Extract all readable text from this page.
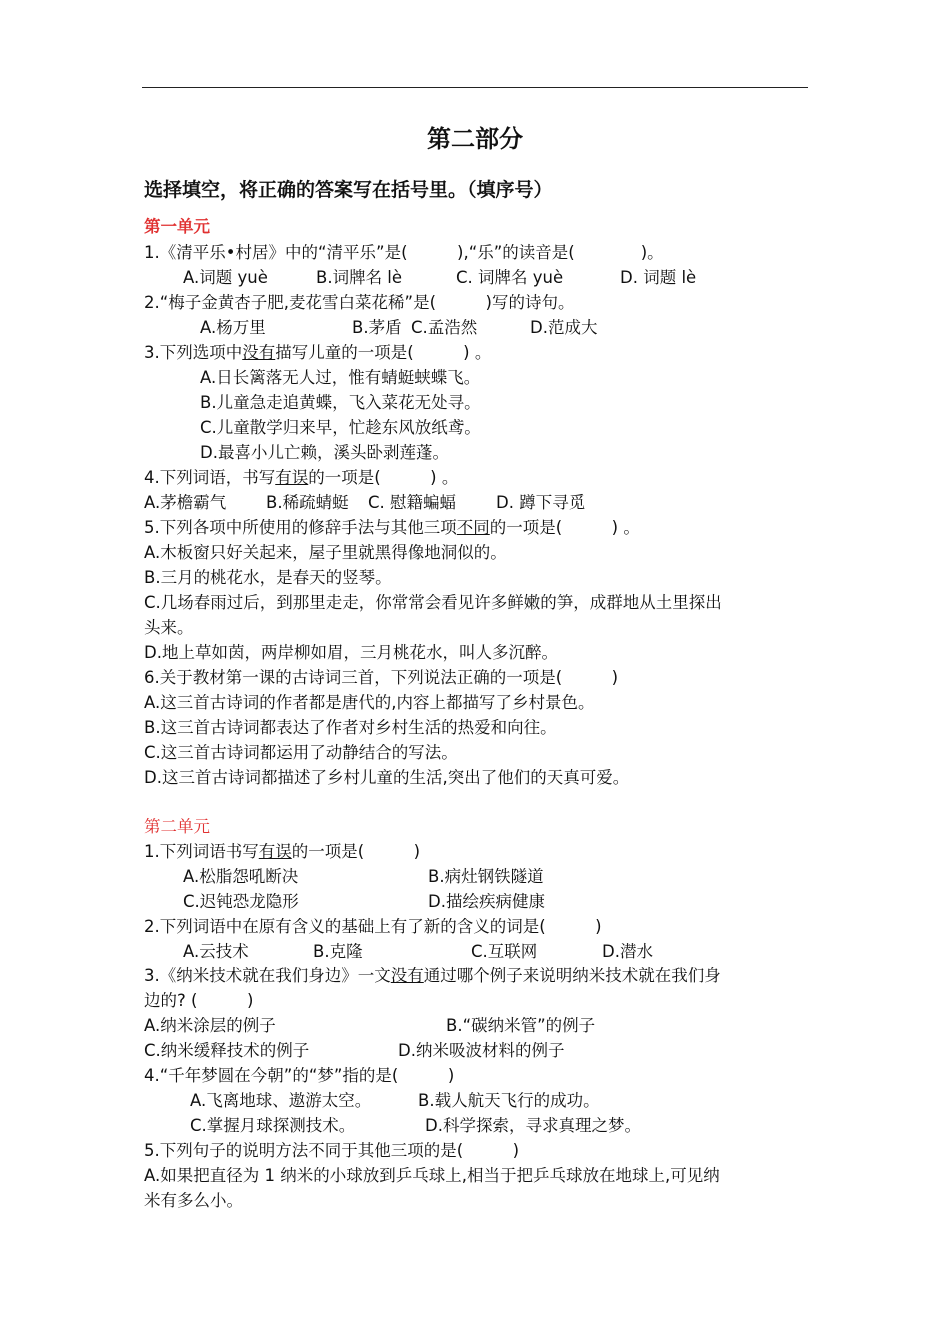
第二部分
选择填空，将正确的答案写在括号里。（填序号）
第一单元
1.《清平乐•村居》中的“清平乐”是(　　　),“乐”的读音是(　　　　)。
A.词题 yuè	B.词牌名 lè	C. 词牌名 yuè	D. 词题 lè
2.“梅子金黄杏子肥,麦花雪白菜花稀”是(　　　)写的诗句。
A.杨万里	B.茅盾 C.孟浩然	D.范成大
3.下列选项中没有描写儿童的一项是(　　　) 。
A.日长篱落无人过，惟有蜻蜓蛱蝶飞。
B.儿童急走追黄蝶，飞入菜花无处寻。
C.儿童散学归来早，忙趁东风放纸鸢。
D.最喜小儿亡赖，溪头卧剥莲蓬。
4.下列词语，书写有误的一项是(　　　) 。
A.茅檐霸气 B.稀疏蜻蜓 C. 慰籍蝙蝠 D. 蹲下寻觅
5.下列各项中所使用的修辞手法与其他三项不同的一项是(　　　) 。
A.木板窗只好关起来，屋子里就黑得像地洞似的。
B.三月的桃花水，是春天的竖琴。
C.几场春雨过后，到那里走走，你常常会看见许多鲜嫩的笋，成群地从土里探出
头来。
D.地上草如茵，两岸柳如眉，三月桃花水，叫人多沉醉。
6.关于教材第一课的古诗词三首，下列说法正确的一项是(　　　)
A.这三首古诗词的作者都是唐代的,内容上都描写了乡村景色。
B.这三首古诗词都表达了作者对乡村生活的热爱和向往。
C.这三首古诗词都运用了动静结合的写法。
D.这三首古诗词都描述了乡村儿童的生活,突出了他们的天真可爱。
第二单元
1.下列词语书写有误的一项是(　　　)
A.松脂怨吼断决	B.病灶钢铁隧道
C.迟钝恐龙隐形	D.描绘疾病健康
2.下列词语中在原有含义的基础上有了新的含义的词是(　　　)
A.云技术	B.克隆	C.互联网	D.潜水
3.《纳米技术就在我们身边》一文没有通过哪个例子来说明纳米技术就在我们身
边的? (　　　)
A.纳米涂层的例子	B.“碳纳米管”的例子
C.纳米缓释技术的例子	D.纳米吸波材料的例子
4.“千年梦圆在今朝”的“梦”指的是(　　　)
A.飞离地球、遨游太空。	B.载人航天飞行的成功。
C.掌握月球探测技术。	D.科学探索，寻求真理之梦。
5.下列句子的说明方法不同于其他三项的是(　　　)
A.如果把直径为 1 纳米的小球放到乒乓球上,相当于把乒乓球放在地球上,可见纳
米有多么小。
